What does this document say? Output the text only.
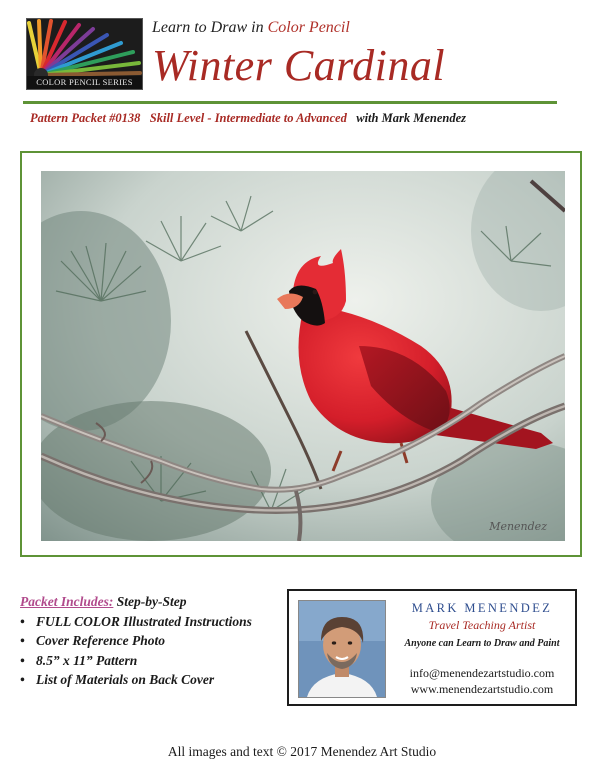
COLOR PENCIL SERIES
Learn to Draw in Color Pencil
Winter Cardinal
Pattern Packet #0138 Skill Level - Intermediate to Advanced with Mark Menendez
Menendez
Packet Includes: Step-by-Step
• FULL COLOR Illustrated Instructions
• Cover Reference Photo
• 8.5” x 11” Pattern
• List of Materials on Back Cover
MARK MENENDEZ
Travel Teaching Artist
Anyone can Learn to Draw and Paint
info@menendezartstudio.com
www.menendezartstudio.com
All images and text © 2017 Menendez Art Studio
